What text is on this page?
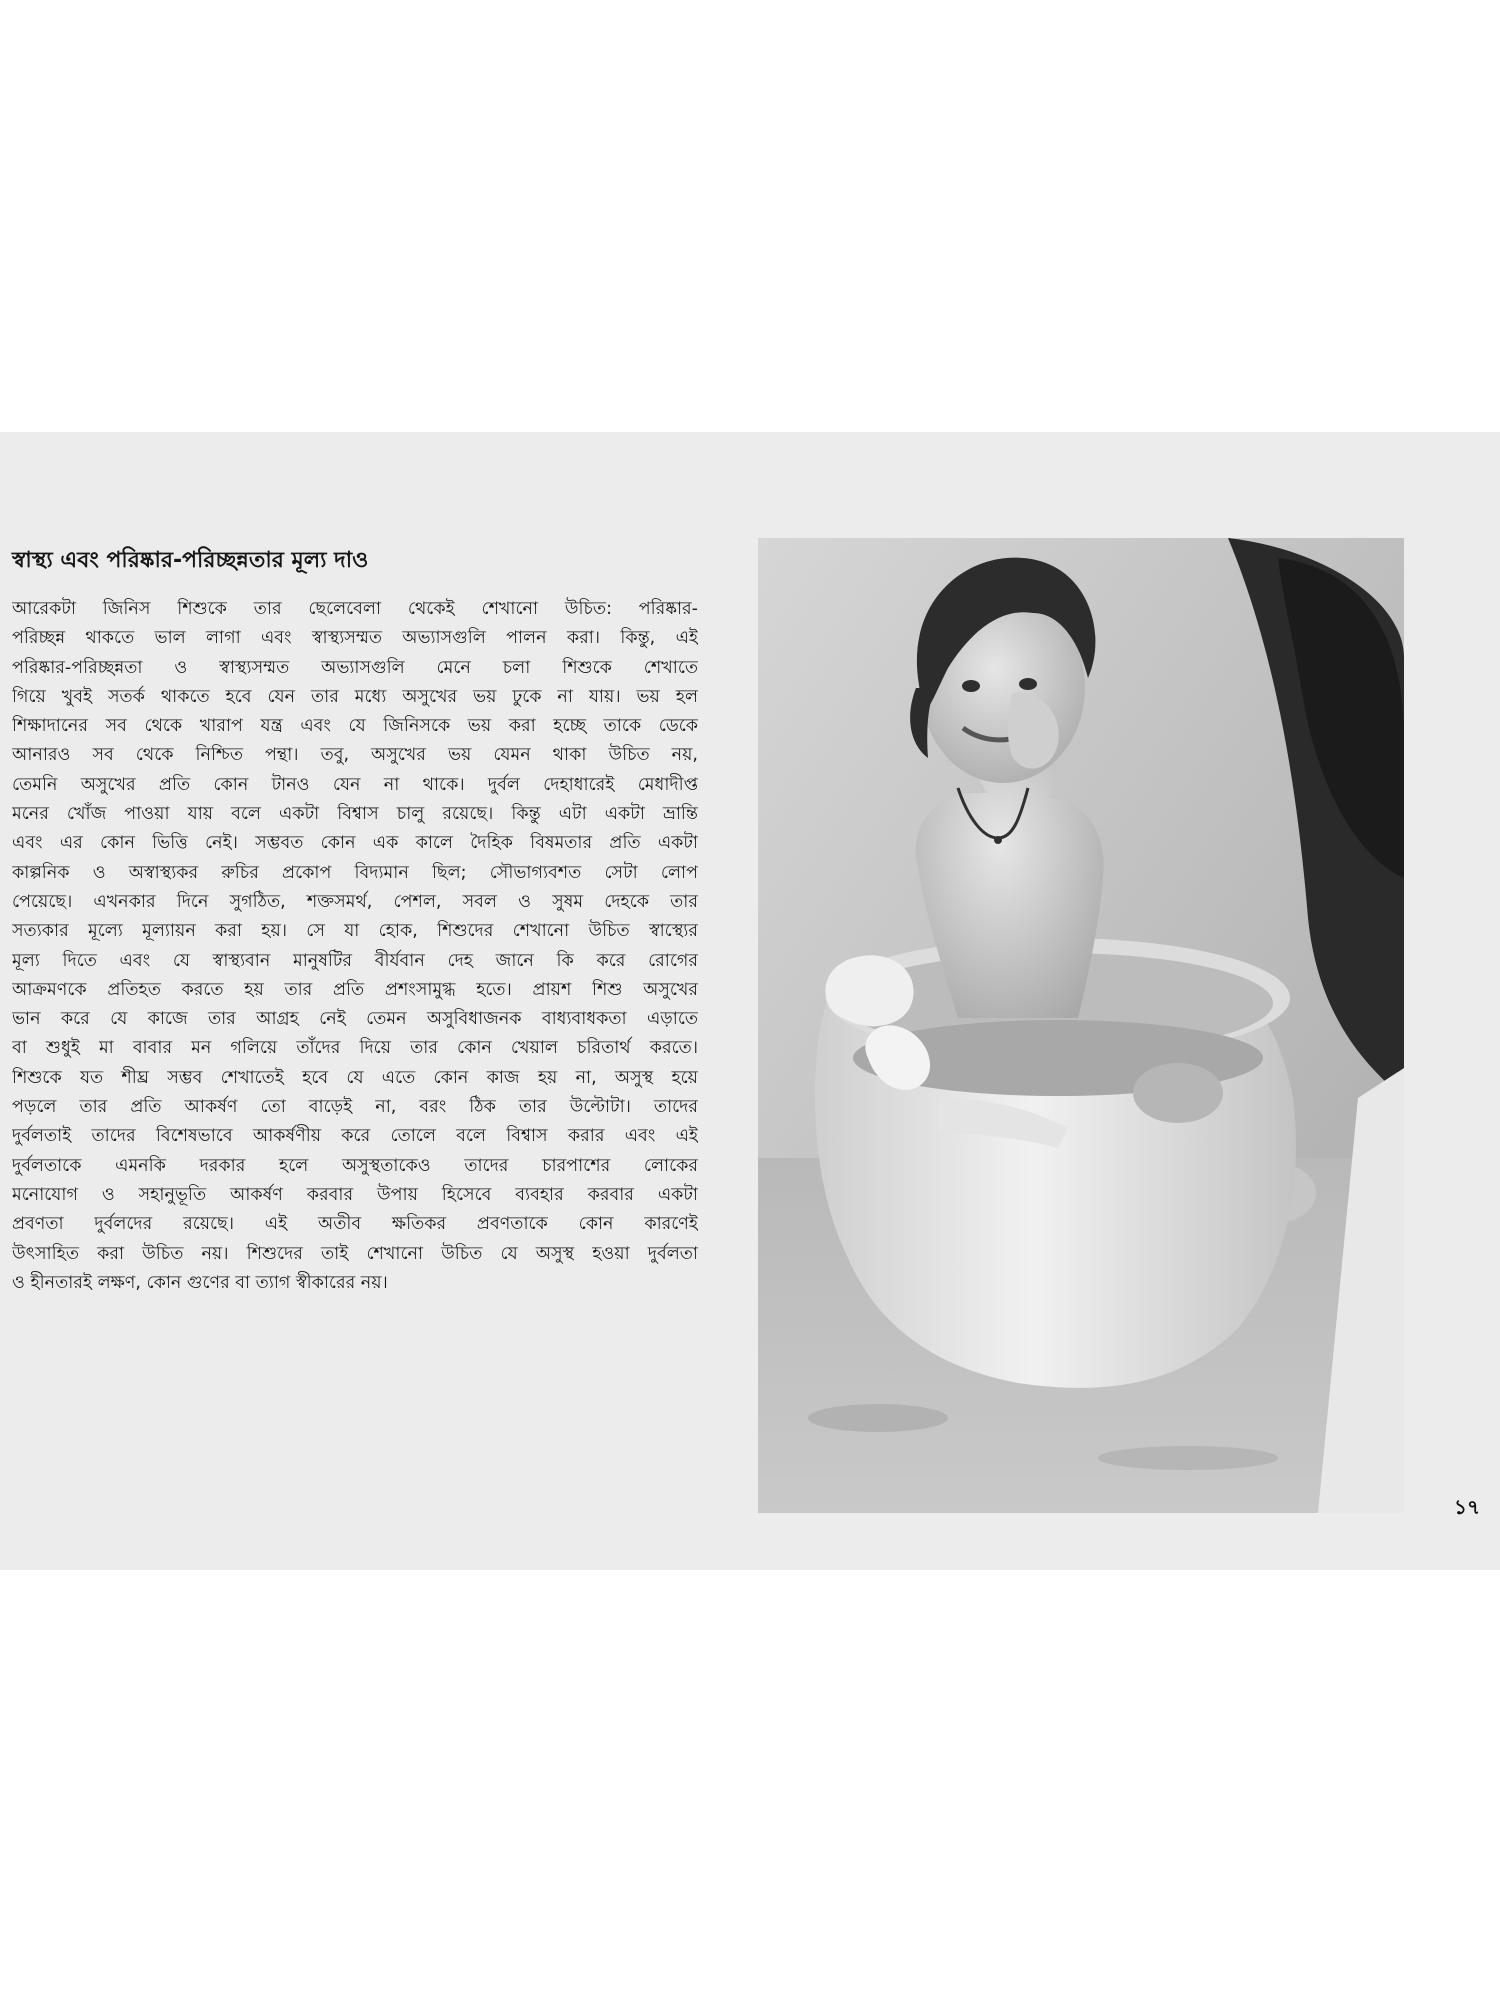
স্বাস্থ্য এবং পরিষ্কার-পরিচ্ছন্নতার মূল্য দাও
আরেকটা জিনিস শিশুকে তার ছেলেবেলা থেকেই শেখানো উচিত: পরিষ্কার-
পরিচ্ছন্ন থাকতে ভাল লাগা এবং স্বাস্থ্যসম্মত অভ্যাসগুলি পালন করা। কিন্তু, এই
পরিষ্কার-পরিচ্ছন্নতা ও স্বাস্থ্যসম্মত অভ্যাসগুলি মেনে চলা শিশুকে শেখাতে
গিয়ে খুবই সতর্ক থাকতে হবে যেন তার মধ্যে অসুখের ভয় ঢুকে না যায়। ভয় হল
শিক্ষাদানের সব থেকে খারাপ যন্ত্র এবং যে জিনিসকে ভয় করা হচ্ছে তাকে ডেকে
আনারও সব থেকে নিশ্চিত পন্থা। তবু, অসুখের ভয় যেমন থাকা উচিত নয়,
তেমনি অসুখের প্রতি কোন টানও যেন না থাকে। দুর্বল দেহাধারেই মেধাদীপ্ত
মনের খোঁজ পাওয়া যায় বলে একটা বিশ্বাস চালু রয়েছে। কিন্তু এটা একটা ভ্রান্তি
এবং এর কোন ভিত্তি নেই। সম্ভবত কোন এক কালে দৈহিক বিষমতার প্রতি একটা
কাল্পনিক ও অস্বাস্থ্যকর রুচির প্রকোপ বিদ্যমান ছিল; সৌভাগ্যবশত সেটা লোপ
পেয়েছে। এখনকার দিনে সুগঠিত, শক্তসমর্থ, পেশল, সবল ও সুষম দেহকে তার
সত্যকার মূল্যে মূল্যায়ন করা হয়। সে যা হোক, শিশুদের শেখানো উচিত স্বাস্থ্যের
মূল্য দিতে এবং যে স্বাস্থ্যবান মানুষটির বীর্যবান দেহ জানে কি করে রোগের
আক্রমণকে প্রতিহত করতে হয় তার প্রতি প্রশংসামুগ্ধ হতে। প্রায়শ শিশু অসুখের
ভান করে যে কাজে তার আগ্রহ নেই তেমন অসুবিধাজনক বাধ্যবাধকতা এড়াতে
বা শুধুই মা বাবার মন গলিয়ে তাঁদের দিয়ে তার কোন খেয়াল চরিতার্থ করতে।
শিশুকে যত শীঘ্র সম্ভব শেখাতেই হবে যে এতে কোন কাজ হয় না, অসুস্থ হয়ে
পড়লে তার প্রতি আকর্ষণ তো বাড়েই না, বরং ঠিক তার উল্টোটা। তাদের
দুর্বলতাই তাদের বিশেষভাবে আকর্ষণীয় করে তোলে বলে বিশ্বাস করার এবং এই
দুর্বলতাকে এমনকি দরকার হলে অসুস্থতাকেও তাদের চারপাশের লোকের
মনোযোগ ও সহানুভূতি আকর্ষণ করবার উপায় হিসেবে ব্যবহার করবার একটা
প্রবণতা দুর্বলদের রয়েছে। এই অতীব ক্ষতিকর প্রবণতাকে কোন কারণেই
উৎসাহিত করা উচিত নয়। শিশুদের তাই শেখানো উচিত যে অসুস্থ হওয়া দুর্বলতা
ও হীনতারই লক্ষণ, কোন গুণের বা ত্যাগ স্বীকারের নয়।
১৭
